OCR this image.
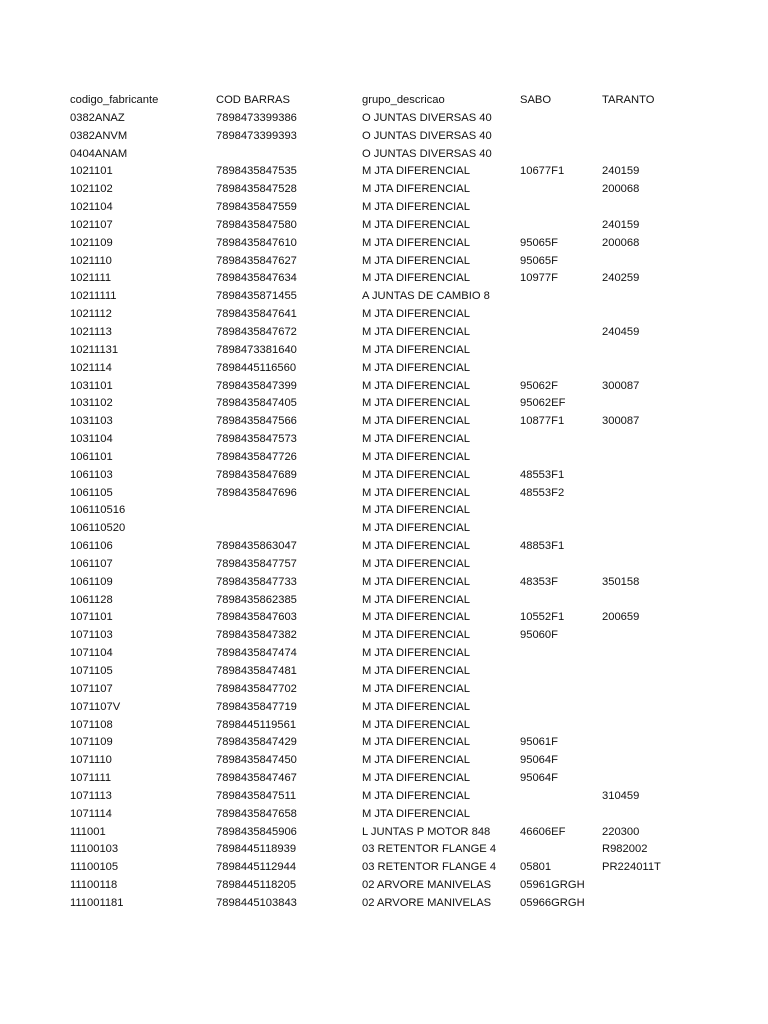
codigo_fabricante	COD BARRAS	grupo_descricao	SABO	TARANTO
0382ANAZ	7898473399386	O JUNTAS DIVERSAS 40		
0382ANVM	7898473399393	O JUNTAS DIVERSAS 40		
0404ANAM		O JUNTAS DIVERSAS 40		
1021101	7898435847535	M JTA DIFERENCIAL	10677F1	240159
1021102	7898435847528	M JTA DIFERENCIAL		200068
1021104	7898435847559	M JTA DIFERENCIAL		
1021107	7898435847580	M JTA DIFERENCIAL		240159
1021109	7898435847610	M JTA DIFERENCIAL	95065F	200068
1021110	7898435847627	M JTA DIFERENCIAL	95065F	
1021111	7898435847634	M JTA DIFERENCIAL	10977F	240259
10211111	7898435871455	A JUNTAS DE CAMBIO 8		
1021112	7898435847641	M JTA DIFERENCIAL		
1021113	7898435847672	M JTA DIFERENCIAL		240459
10211131	7898473381640	M JTA DIFERENCIAL		
1021114	7898445116560	M JTA DIFERENCIAL		
1031101	7898435847399	M JTA DIFERENCIAL	95062F	300087
1031102	7898435847405	M JTA DIFERENCIAL	95062EF	
1031103	7898435847566	M JTA DIFERENCIAL	10877F1	300087
1031104	7898435847573	M JTA DIFERENCIAL		
1061101	7898435847726	M JTA DIFERENCIAL		
1061103	7898435847689	M JTA DIFERENCIAL	48553F1	
1061105	7898435847696	M JTA DIFERENCIAL	48553F2	
106110516		M JTA DIFERENCIAL		
106110520		M JTA DIFERENCIAL		
1061106	7898435863047	M JTA DIFERENCIAL	48853F1	
1061107	7898435847757	M JTA DIFERENCIAL		
1061109	7898435847733	M JTA DIFERENCIAL	48353F	350158
1061128	7898435862385	M JTA DIFERENCIAL		
1071101	7898435847603	M JTA DIFERENCIAL	10552F1	200659
1071103	7898435847382	M JTA DIFERENCIAL	95060F	
1071104	7898435847474	M JTA DIFERENCIAL		
1071105	7898435847481	M JTA DIFERENCIAL		
1071107	7898435847702	M JTA DIFERENCIAL		
1071107V	7898435847719	M JTA DIFERENCIAL		
1071108	7898445119561	M JTA DIFERENCIAL		
1071109	7898435847429	M JTA DIFERENCIAL	95061F	
1071110	7898435847450	M JTA DIFERENCIAL	95064F	
1071111	7898435847467	M JTA DIFERENCIAL	95064F	
1071113	7898435847511	M JTA DIFERENCIAL		310459
1071114	7898435847658	M JTA DIFERENCIAL		
111001	7898435845906	L JUNTAS P MOTOR 848	46606EF	220300
11100103	7898445118939	03 RETENTOR FLANGE 4		R982002
11100105	7898445112944	03 RETENTOR FLANGE 4	05801	PR224011T
11100118	7898445118205	02 ARVORE MANIVELAS	05961GRGH	
111001181	7898445103843	02 ARVORE MANIVELAS	05966GRGH	
